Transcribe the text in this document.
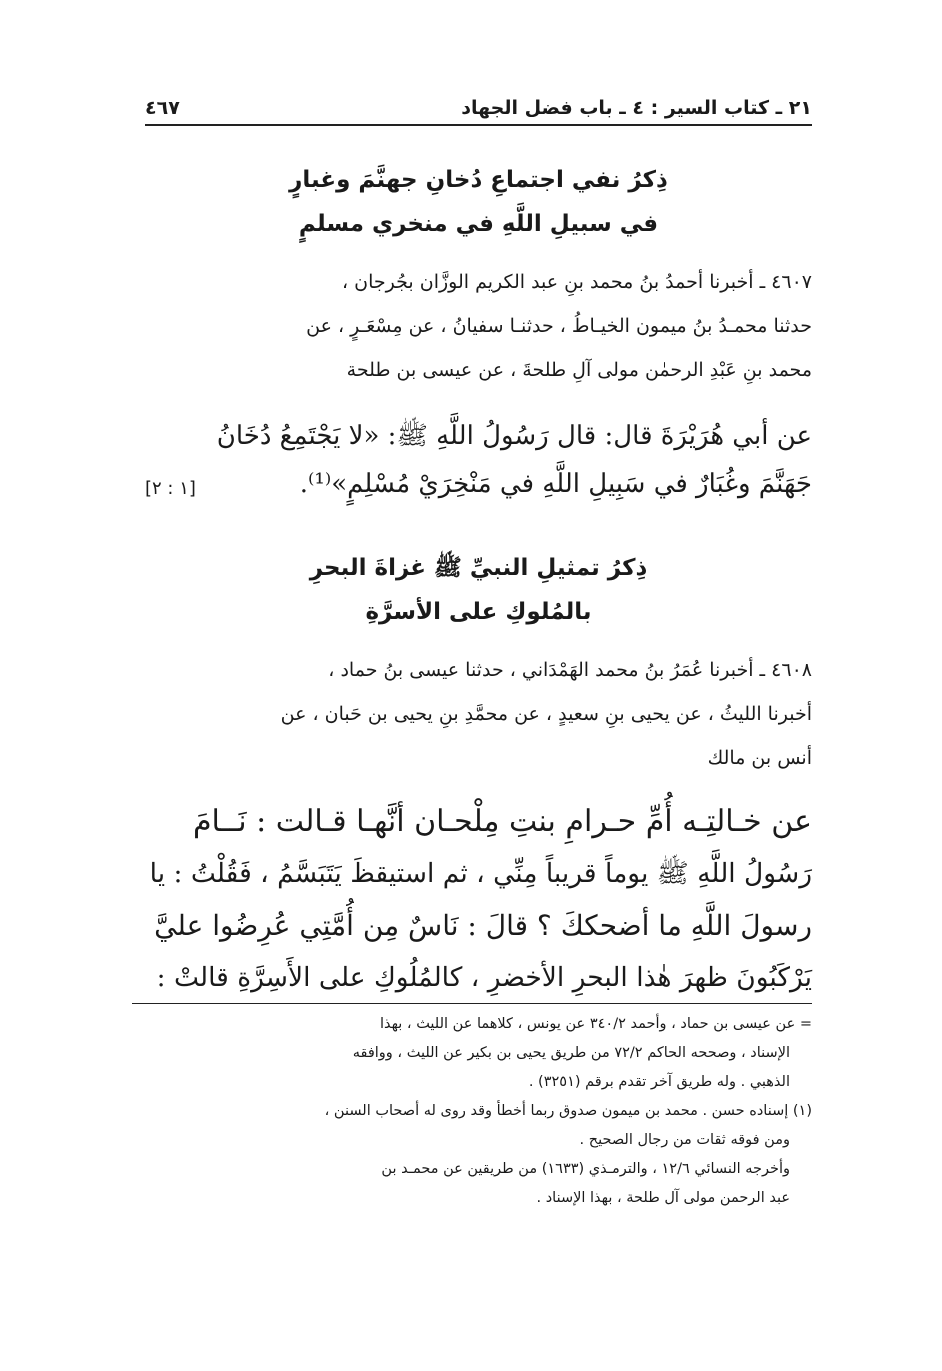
٢١ ـ كتاب السير : ٤ ـ باب فضل الجهاد
٤٦٧
ذِكرُ نفي اجتماعِ دُخانِ جهنَّمَ وغبارٍ
في سبيلِ اللَّهِ في منخري مسلمٍ
٤٦٠٧ ـ أخبرنا أحمدُ بنُ محمد بنِ عبد الكريم الوزَّان بجُرجان ،
حدثنا محمـدُ بنُ ميمون الخيـاطُ ، حدثنـا سفيانُ ، عن مِسْعَـرٍ ، عن
محمد بنِ عَبْدِ الرحمٰن مولى آلِ طلحةَ ، عن عيسى بن طلحة
عن أبي هُرَيْرَةَ قال: قال رَسُولُ اللَّهِ ﷺ: «لا يَجْتَمِعُ دُخَانُ
جَهَنَّمَ وغُبَارٌ في سَبِيلِ اللَّهِ في مَنْخِرَيْ مُسْلِمٍ»⁽¹⁾.
[١ : ٢]
ذِكرُ تمثيلِ النبيِّ ﷺ غزاةَ البحرِ
بالمُلوكِ على الأسرَّةِ
٤٦٠٨ ـ أخبرنا عُمَرُ بنُ محمد الهَمْدَاني ، حدثنا عيسى بنُ حماد ،
أخبرنا الليثُ ، عن يحيى بنِ سعيدٍ ، عن محمَّدِ بنِ يحيى بن حَبان ، عن
أنس بن مالك
عن خـالتِـه أُمِّ حـرامِ بنتِ مِلْحـان أنَّهـا قـالت : نَــامَ
رَسُولُ اللَّهِ ﷺ يوماً قريباً مِنِّي ، ثم استيقظَ يَتَبَسَّمُ ، فَقُلْتُ : يا
رسولَ اللَّهِ ما أضحككَ ؟ قالَ : نَاسٌ مِن أُمَّتِي عُرِضُوا عليَّ
يَرْكَبُونَ ظهرَ هٰذا البحرِ الأخضرِ ، كالمُلُوكِ على الأَسِرَّةِ قالتْ :
= عن عيسى بن حماد ، وأحمد ٣٤٠/٢ عن يونس ، كلاهما عن الليث ، بهذا
الإسناد ، وصححه الحاكم ٧٢/٢ من طريق يحيى بن بكير عن الليث ، ووافقه
الذهبي . وله طريق آخر تقدم برقم (٣٢٥١) .
(١) إسناده حسن . محمد بن ميمون صدوق ربما أخطأ وقد روى له أصحاب السنن ،
ومن فوقه ثقات من رجال الصحيح .
وأخرجه النسائي ١٢/٦ ، والترمـذي (١٦٣٣) من طريقين عن محمـد بن
عبد الرحمن مولى آل طلحة ، بهذا الإسناد .
